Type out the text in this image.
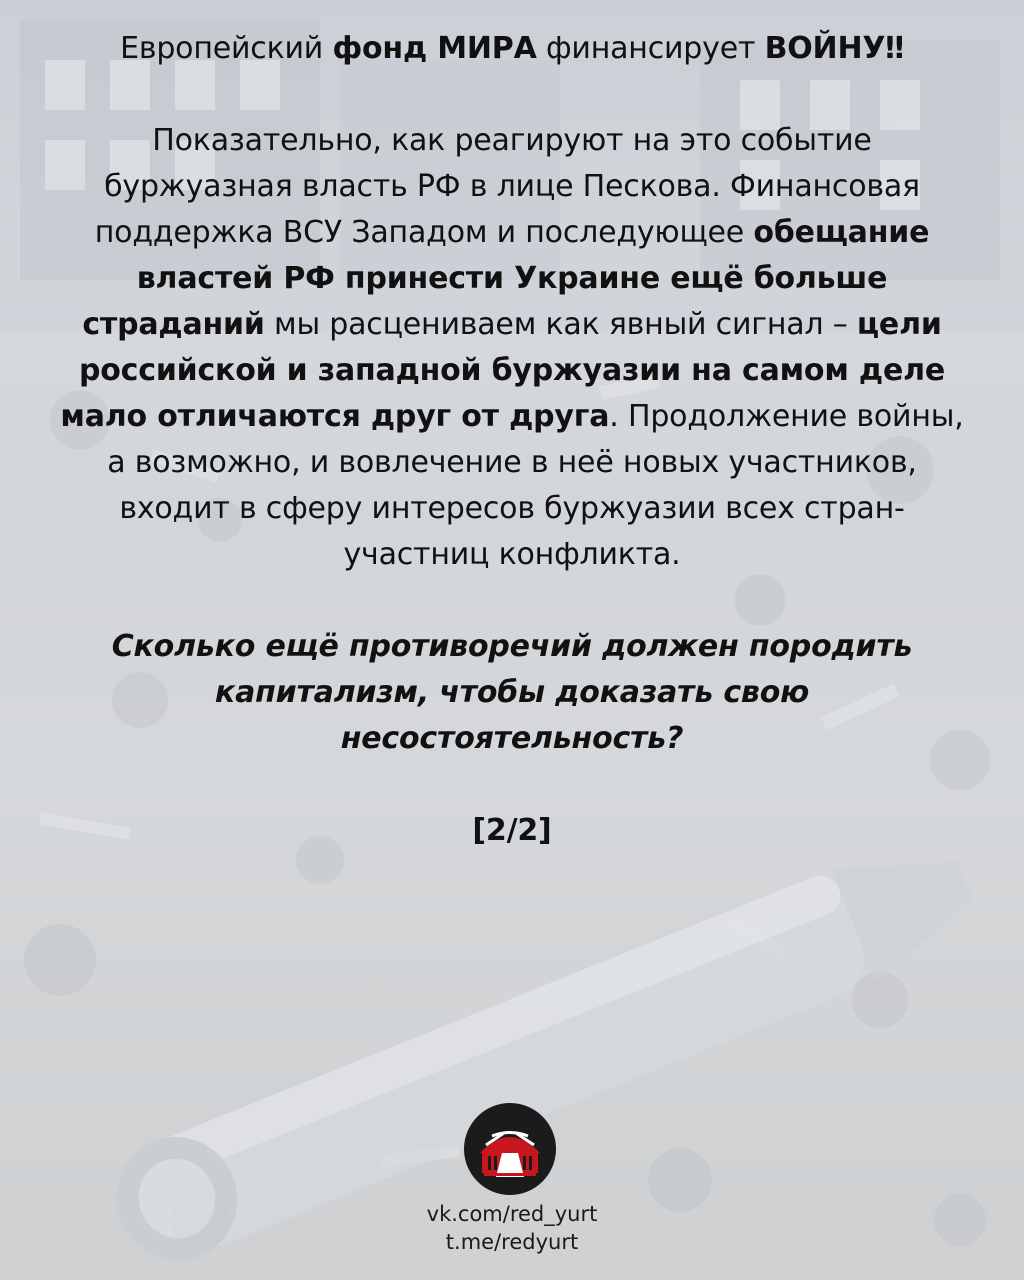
Европейский фонд МИРА финансирует ВОЙНУ‼

Показательно, как реагируют на это событие буржуазная власть РФ в лице Пескова. Финансовая поддержка ВСУ Западом и последующее обещание властей РФ принести Украине ещё больше страданий мы расцениваем как явный сигнал – цели российской и западной буржуазии на самом деле мало отличаются друг от друга. Продолжение войны, а возможно, и вовлечение в неё новых участников, входит в сферу интересов буржуазии всех стран-участниц конфликта.

Сколько ещё противоречий должен породить капитализм, чтобы доказать свою несостоятельность?

[2/2]

vk.com/red_yurt
t.me/redyurt
